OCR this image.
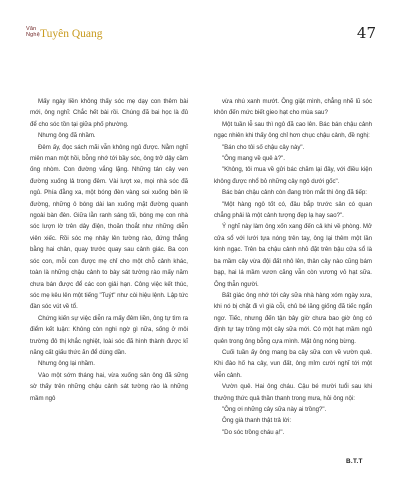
Văn
Nghệ Tuyên Quang	47

Mấy ngày liền không thấy sóc mẹ dạy con thêm bài mới, ông nghĩ: Chắc hết bài rồi. Chúng đã bai học là đủ để cho sóc tồn tại giữa phố phường.

Nhưng ông đã nhầm.

Đêm ấy, đọc sách mãi vẫn không ngủ được. Nằm nghĩ miên man một hồi, bỗng nhớ tới bầy sóc, ông trở dậy cầm ống nhòm. Con đường vắng lặng. Những tán cây ven đường xuống lả trong đêm. Vài lượt xe, mọi nhà sóc đã ngủ. Phía đằng xa, một bóng đèn vàng soi xuống bên lề đường, những ô bóng dài lan xuống mặt đường quanh ngoài bàn đèn. Giữa lằn ranh sáng tối, bóng mẹ con nhà sóc lượn lờ trên dây điện, thoăn thoắt như những diễn viên xiếc. Rồi sóc mẹ nhảy lên tường rào, đứng thẳng bằng hai chân, quay trước quay sau cảnh giác. Ba con sóc con, mỗi con được mẹ chỉ cho một chỗ cảnh khác, toàn là những chậu cảnh to bày sát tường rào mấy năm chưa bán được để các con giải hạn. Công việc kết thúc, sóc mẹ kêu lên một tiếng "Tuýt" như còi hiệu lệnh. Lập tức đàn sóc vút về tổ.

Chứng kiến sự việc diễn ra mấy đêm liền, ông tự tìm ra điểm kết luận: Không còn nghi ngờ gì nữa, sống ở môi trường đô thị khắc nghiệt, loài sóc đã hình thành được kĩ năng cất giấu thức ăn để dùng dần.

Nhưng ông lại nhầm.

Vào một sớm tháng hai, vừa xuống sân ông đã sững sờ thấy trên những chậu cảnh sát tường rào là những mầm ngô

vừa nhú xanh mướt. Ông giật mình, chẳng nhẽ lũ sóc khôn đến mức biết gieo hạt cho mùa sau?

Một tuần lễ sau thì ngô đã cao lên. Bác bán chậu cảnh ngạc nhiên khi thấy ông chỉ hơn chục chậu cảnh, đề nghị:

"Bán cho tôi số chậu cây này".

"Ông mang về quê à?".

"Không, tôi mua về gửi bác chăm lại đây, với điều kiện không được nhổ bỏ những cây ngô dưới gốc".

Bác bán chậu cảnh còn đang tròn mắt thì ông đã tiếp:

"Một hàng ngô tốt có, đâu bắp trước sân có quan chẳng phải là một cảnh tượng đẹp lạ hay sao?".

Ý nghĩ này làm ông xốn xang đến cả khi về phòng. Mở cửa sổ với lưới tựa nóng trên tay, ông lại thêm một lần kinh ngạc. Trên ba chậu cảnh nhỏ đặt trên bậu cửa sổ là ba mầm cây vừa đội đất nhô lên, thân cây nào cũng bám bạp, hai lá mầm vươn căng vẫn còn vương vỏ hạt sữa. Ông thẫn người.

Bất giác ông nhớ tới cây sữa nhà hàng xóm ngày xưa, khi nó bị chặt đi vì già cỗi, chủ bé lăng giống đã tiếc ngẩn ngơ. Tiếc, nhưng đến tận bây giờ chưa bao giờ ông có định tự tay trồng một cây sữa mới. Có một hạt mầm ngủ quên trong ông bỗng cựa mình. Mặt ông nóng bừng.

Cuối tuần ấy ông mang ba cây sữa con về vườn quê. Khi đào hố ha cây, vun đất, ông mỉm cười nghĩ tới một viễn cảnh.

Vườn quê. Hai ông cháu. Cậu bé mười tuổi sau khi thưởng thức quả thần thanh trong mưa, hỏi ông nội:

"Ông ơi những cây sữa này ai trồng?".

Ông già thanh thật trả lời:

"Do sóc trồng cháu ạ!".

B.T.T
